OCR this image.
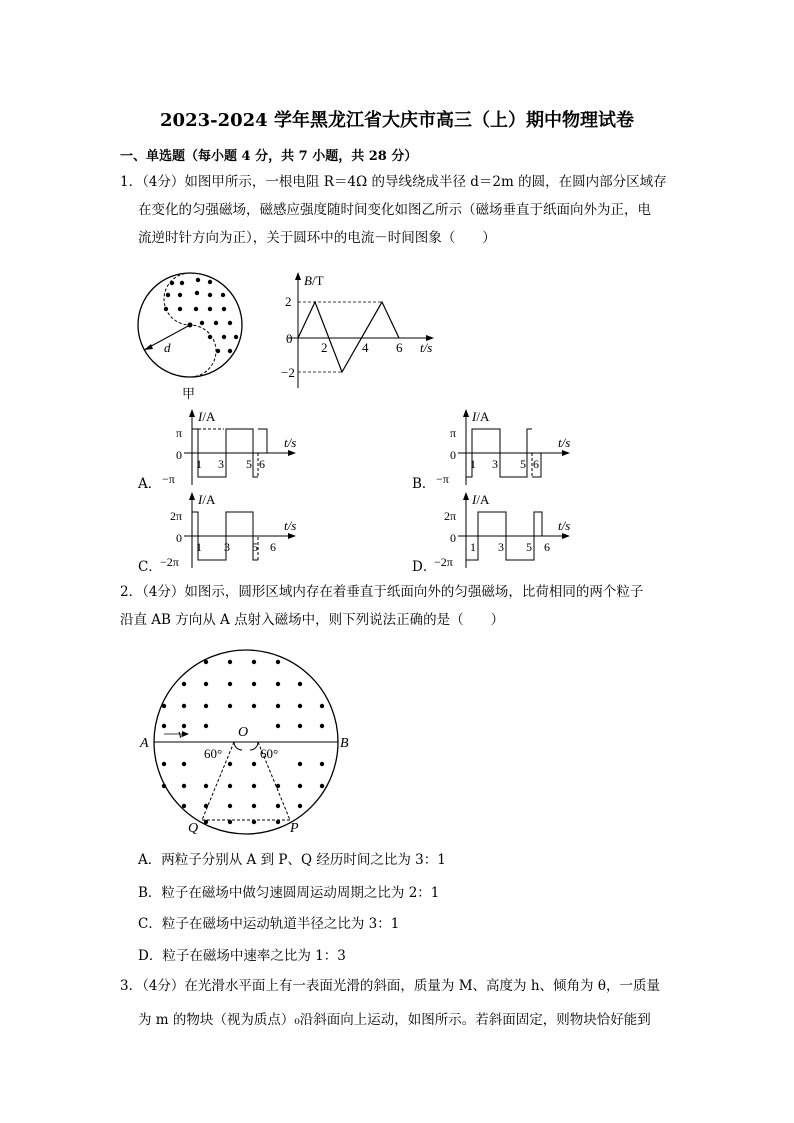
2023-2024 学年黑龙江省大庆市高三（上）期中物理试卷
一、单选题（每小题 4 分，共 7 小题，共 28 分）
1．（4分）如图甲所示，一根电阻 R＝4Ω 的导线绕成半径 d＝2m 的圆，在圆内部分区域存
在变化的匀强磁场，磁感应强度随时间变化如图乙所示（磁场垂直于纸面向外为正，电
流逆时针方向为正），关于圆环中的电流－时间图象（　　）
d
甲
B/T
t/s
2
−2
0
2	4 6
A．
I/A
t/s
π
0
−π
1 3 5 6
B．
I/A
t/s
π
0
−π
1 3 5 6
C．
I/A
t/s
2π
0
−2π
1 3 5 6
D．
I/A
t/s
2π
0
−2π
1 3 5 6
2．（4分）如图示，圆形区域内存在着垂直于纸面向外的匀强磁场，比荷相同的两个粒子
沿直 AB 方向从 A 点射入磁场中，则下列说法正确的是（　　）
A	B
O
v
60°	60°
Q	P
A．两粒子分别从 A 到 P、Q 经历时间之比为 3：1
B．粒子在磁场中做匀速圆周运动周期之比为 2：1
C．粒子在磁场中运动轨道半径之比为 3：1
D．粒子在磁场中速率之比为 1：3
3．（4分）在光滑水平面上有一表面光滑的斜面，质量为 M、高度为 h、倾角为 θ，一质量
为 m 的物块（视为质点）₀沿斜面向上运动，如图所示。若斜面固定，则物块恰好能到
